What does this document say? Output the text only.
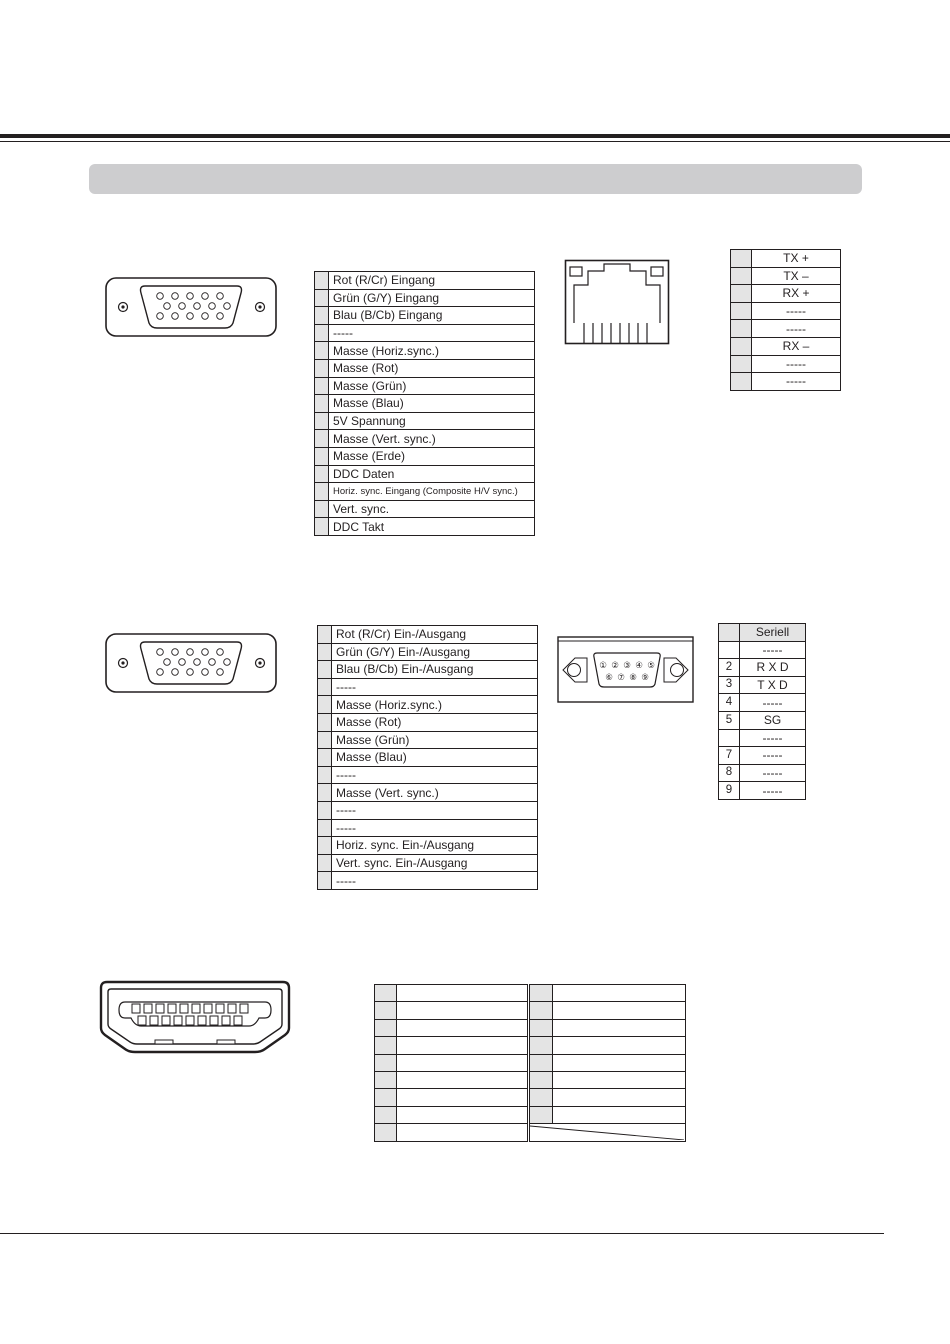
	Rot (R/Cr) Eingang
	Grün (G/Y) Eingang
	Blau (B/Cb) Eingang
	-----
	Masse (Horiz.sync.)
	Masse (Rot)
	Masse (Grün)
	Masse (Blau)
	5V Spannung
	Masse (Vert. sync.)
	Masse (Erde)
	DDC Daten
	Horiz. sync. Eingang (Composite H/V sync.)
	Vert. sync.
	DDC Takt
	TX +
	TX –
	RX +
	-----
	-----
	RX –
	-----
	-----
	Rot (R/Cr) Ein-/Ausgang
	Grün (G/Y) Ein-/Ausgang
	Blau (B/Cb) Ein-/Ausgang
	-----
	Masse (Horiz.sync.)
	Masse (Rot)
	Masse (Grün)
	Masse (Blau)
	-----
	Masse (Vert. sync.)
	-----
	-----
	Horiz. sync. Ein-/Ausgang
	Vert. sync. Ein-/Ausgang
	-----
① ② ③ ④ ⑤
⑥ ⑦ ⑧ ⑨
	Seriell
	-----
2	R X D
3	T X D
4	-----
5	SG
	-----
7	-----
8	-----
9	-----
